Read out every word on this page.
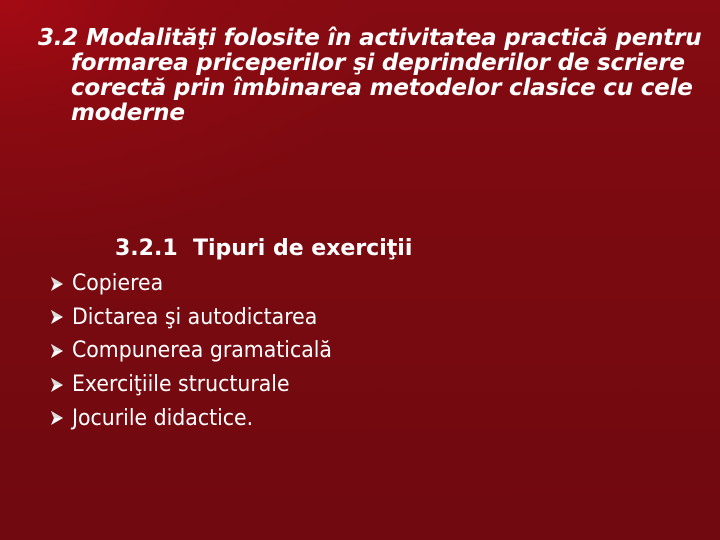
3.2 Modalităţi folosite în activitatea practică pentru formarea priceperilor şi deprinderilor de scriere corectă prin îmbinarea metodelor clasice cu cele moderne
3.2.1  Tipuri de exerciţii
Copierea
Dictarea şi autodictarea
Compunerea gramaticală
Exerciţiile structurale
Jocurile didactice.
